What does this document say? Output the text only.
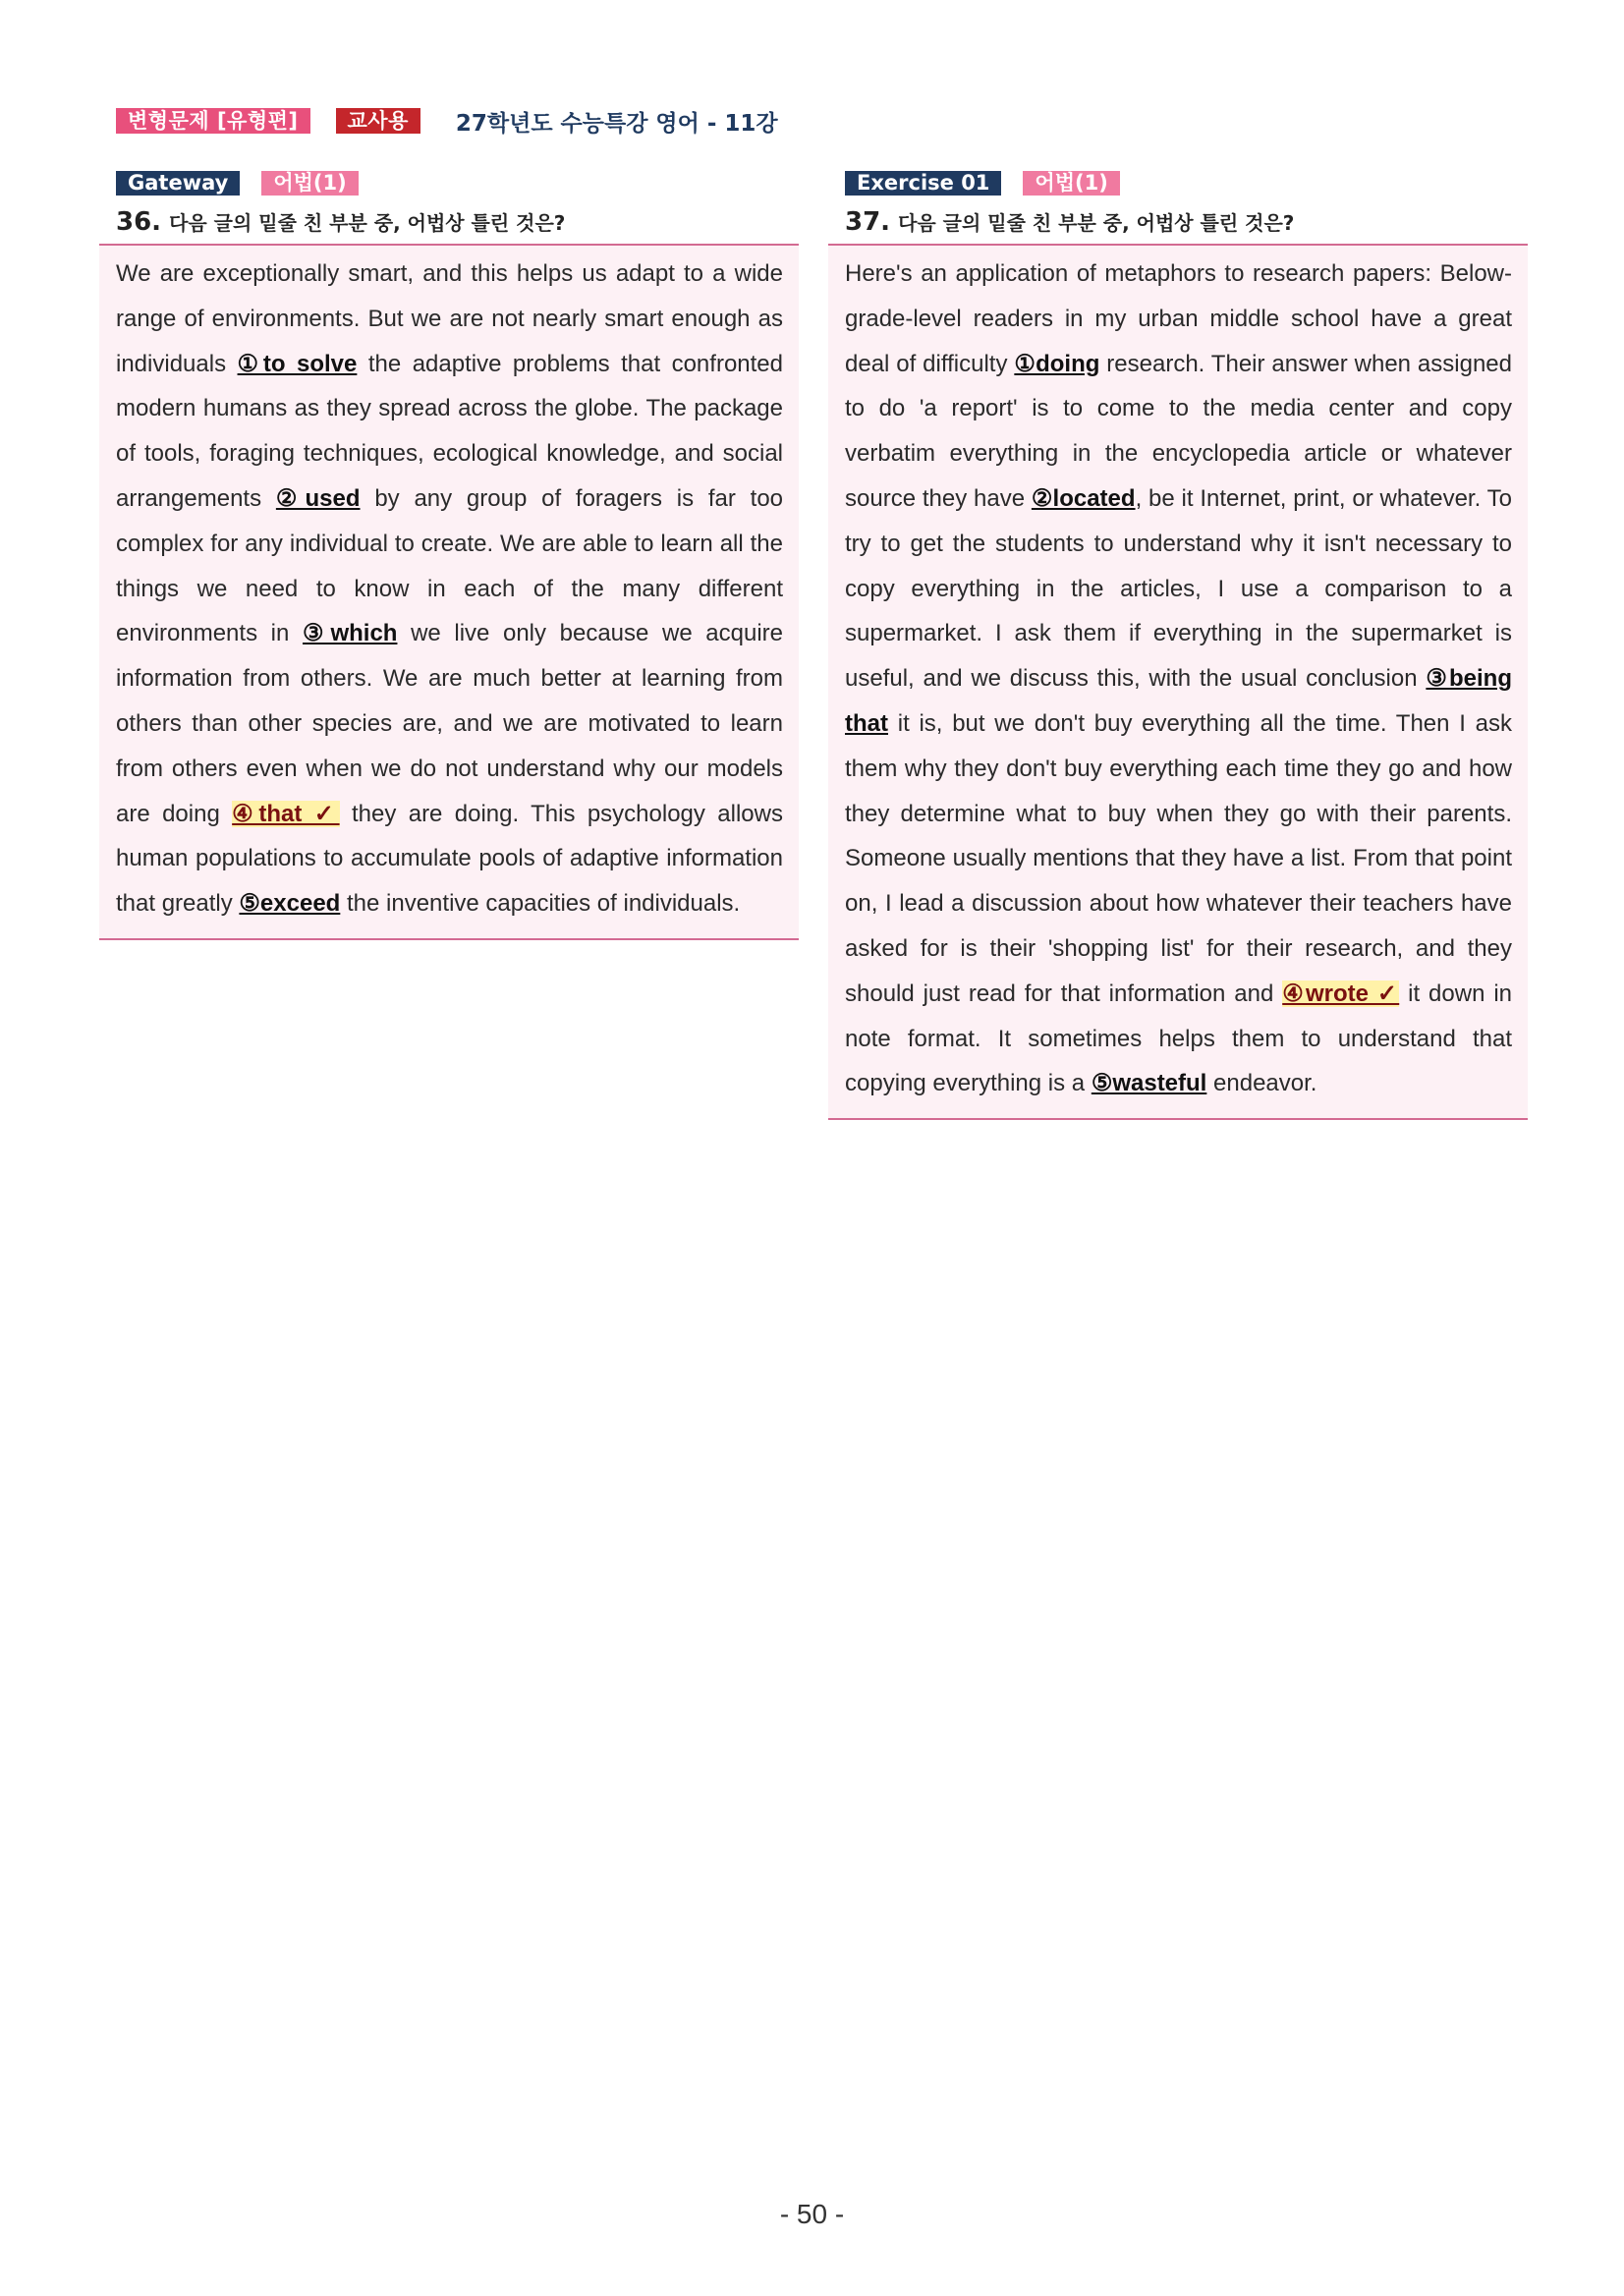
변형문제 [유형편]	교사용	27학년도 수능특강 영어 - 11강
Gateway	어법(1)
36. 다음 글의 밑줄 친 부분 중, 어법상 틀린 것은?
We are exceptionally smart, and this helps us adapt to a wide range of environments. But we are not nearly smart enough as individuals ①to solve the adaptive problems that confronted modern humans as they spread across the globe. The package of tools, foraging techniques, ecological knowledge, and social arrangements ②used by any group of foragers is far too complex for any individual to create. We are able to learn all the things we need to know in each of the many different environments in ③which we live only because we acquire information from others. We are much better at learning from others than other species are, and we are motivated to learn from others even when we do not understand why our models are doing ④that ✓ they are doing. This psychology allows human populations to accumulate pools of adaptive information that greatly ⑤exceed the inventive capacities of individuals.
Exercise 01	어법(1)
37. 다음 글의 밑줄 친 부분 중, 어법상 틀린 것은?
Here's an application of metaphors to research papers: Below-grade-level readers in my urban middle school have a great deal of difficulty ①doing research. Their answer when assigned to do 'a report' is to come to the media center and copy verbatim everything in the encyclopedia article or whatever source they have ②located, be it Internet, print, or whatever. To try to get the students to understand why it isn't necessary to copy everything in the articles, I use a comparison to a supermarket. I ask them if everything in the supermarket is useful, and we discuss this, with the usual conclusion ③being that it is, but we don't buy everything all the time. Then I ask them why they don't buy everything each time they go and how they determine what to buy when they go with their parents. Someone usually mentions that they have a list. From that point on, I lead a discussion about how whatever their teachers have asked for is their 'shopping list' for their research, and they should just read for that information and ④wrote ✓ it down in note format. It sometimes helps them to understand that copying everything is a ⑤wasteful endeavor.
- 50 -
